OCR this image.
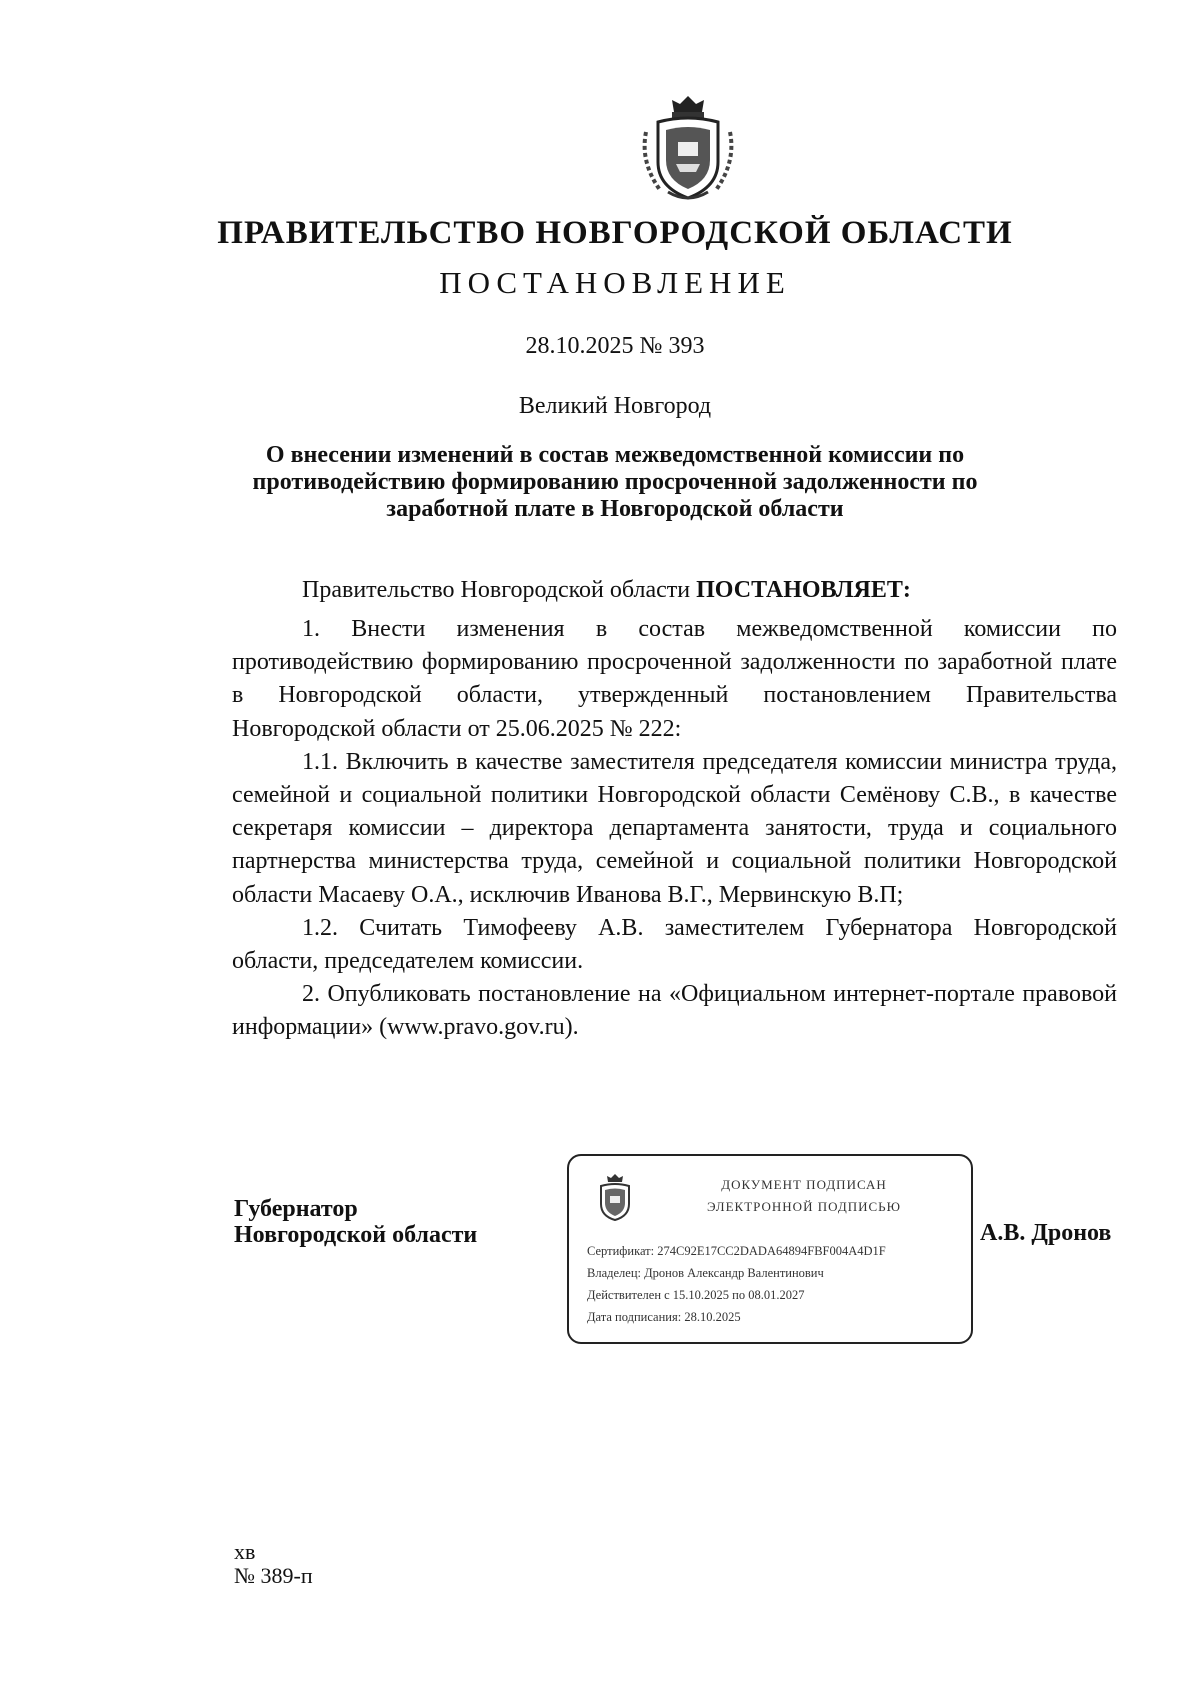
ПРАВИТЕЛЬСТВО НОВГОРОДСКОЙ ОБЛАСТИ
ПОСТАНОВЛЕНИЕ
28.10.2025 № 393
Великий Новгород
О внесении изменений в состав межведомственной комиссии по противодействию формированию просроченной задолженности по заработной плате в Новгородской области

Правительство Новгородской области ПОСТАНОВЛЯЕТ:

1. Внести изменения в состав межведомственной комиссии по противодействию формированию просроченной задолженности по заработной плате в Новгородской области, утвержденный постановлением Правительства Новгородской области от 25.06.2025 № 222:

1.1. Включить в качестве заместителя председателя комиссии министра труда, семейной и социальной политики Новгородской области Семёнову С.В., в качестве секретаря комиссии – директора департамента занятости, труда и социального партнерства министерства труда, семейной и социальной политики Новгородской области Масаеву О.А., исключив Иванова В.Г., Мервинскую В.П;

1.2. Считать Тимофееву А.В. заместителем Губернатора Новгородской области, председателем комиссии.

2. Опубликовать постановление на «Официальном интернет-портале правовой информации» (www.pravo.gov.ru).

Губернатор
Новгородской области
ДОКУМЕНТ ПОДПИСАН
ЭЛЕКТРОННОЙ ПОДПИСЬЮ
Сертификат: 274C92E17CC2DADA64894FBF004A4D1F
Владелец: Дронов Александр Валентинович
Действителен с 15.10.2025 по 08.01.2027
Дата подписания: 28.10.2025
А.В. Дронов
хв
№ 389-п
